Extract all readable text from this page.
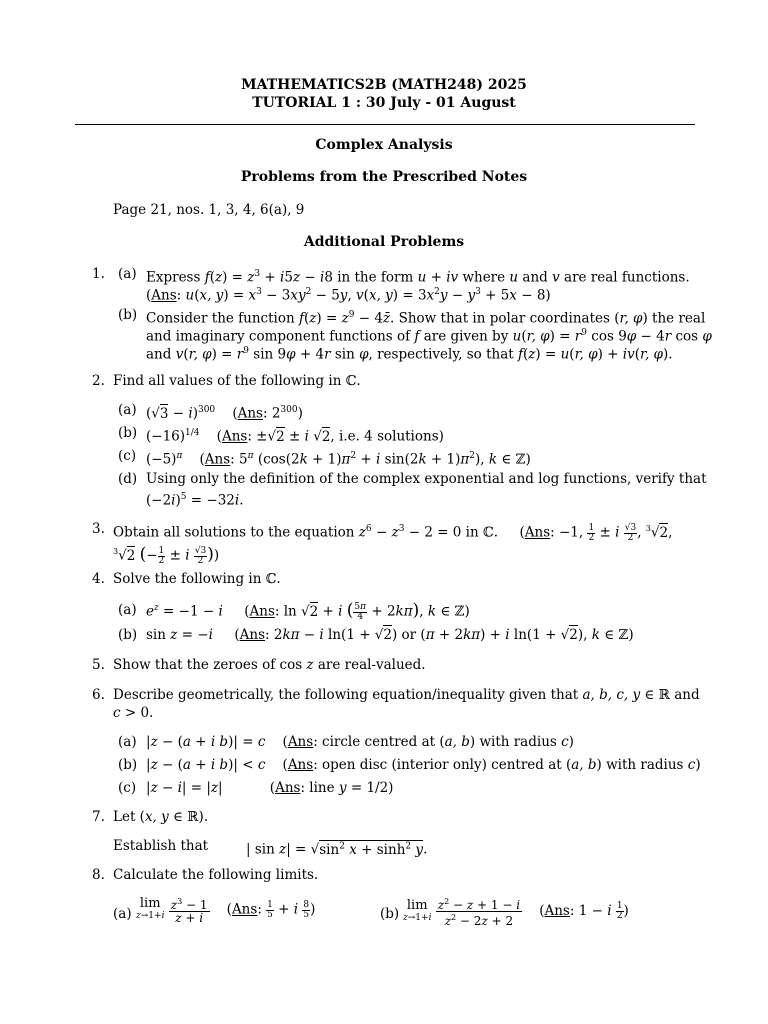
MATHEMATICS2B (MATH248) 2025
TUTORIAL 1 : 30 July - 01 August
Complex Analysis
Problems from the Prescribed Notes
Page 21, nos. 1, 3, 4, 6(a), 9
Additional Problems
1. (a) Express $f(z) = z^3 + i5z - i8$ in the form u + iv where u and v are real functions.
(Ans: u(x, $y) = x^3 - 3xy^2 - 5y$, v(x, $y) = 3x^2y - y^3 + 5x - 8$)
(b) Consider the function $f(z) = z^9$ − 4z̄. Show that in polar coordinates (r, φ) the real
and imaginary component functions of f are given by u(r, $\varphi) = r^9$ cos 9φ − 4r cos φ
and v(r, $\varphi) = r^9$ sin 9φ + 4r sin φ, respectively, so that f(z) = u(r, φ) + iv(r, φ).
2. Find all values of the following in ℂ.
(a) $(√3 - i)^{300}$    (Ans: $2^{300}$)
(b) $(-16)^{1/4}$    (Ans: ±√2 ± i √2, i.e. 4 solutions)
(c) $(-5)^\pi$    (Ans: $5^\pi$ ($\cos(2k + 1)\pi^2 + i$ $\sin(2k + 1)\pi^2$), k ∈ ℤ)
(d) Using only the definition of the complex exponential and log functions, verify that
$(-2i)^5 = -32i$.
3. Obtain all solutions to the equation $z^6 - z^3 - 2 = 0$ in ℂ.     (Ans: −1, $\frac{1}{2} \pm i \frac{√3}{2}$ , $^3$√2,
$^3$√2 (− $\frac{1}{2} \pm i \frac{√3}{2}$ ))
4. Solve the following in ℂ.
(a) $e^z = -1 - i$     (Ans: ln √2 + i ( $\frac{5\pi}{4} + 2k\pi$), k ∈ ℤ)
(b) sin z = −i     (Ans: 2kπ − i ln(1 + √2) or (π + 2kπ) + i ln(1 + √2), k ∈ ℤ)
5. Show that the zeroes of cos z are real-valued.
6. Describe geometrically, the following equation/inequality given that a, b, c, y ∈ ℝ and
c > 0.
(a) |z − (a + i b)| = c    (Ans: circle centred at (a, b) with radius c)
(b) |z − (a + i b)| < c    (Ans: open disc (interior only) centred at (a, b) with radius c)
(c) |z − i| = |z|           (Ans: line y = 1/2)
7. Let (x, y ∈ ℝ).
Establish that	| $\sin z| = √\sin^2$ $x + \sinh^2 y$.
8. Calculate the following limits.
(a)
lim
z→1+i
$\frac{z^3 - 1}{z + i} (Ans$: $\frac{1}{5} + i \frac{8}{5}$ )	(b)
lim
z→1+i
$\frac{z^2 - z + 1 - i}{z^2 - 2z + 2} (Ans$: 1 − i $\frac{1}{2}$ )
